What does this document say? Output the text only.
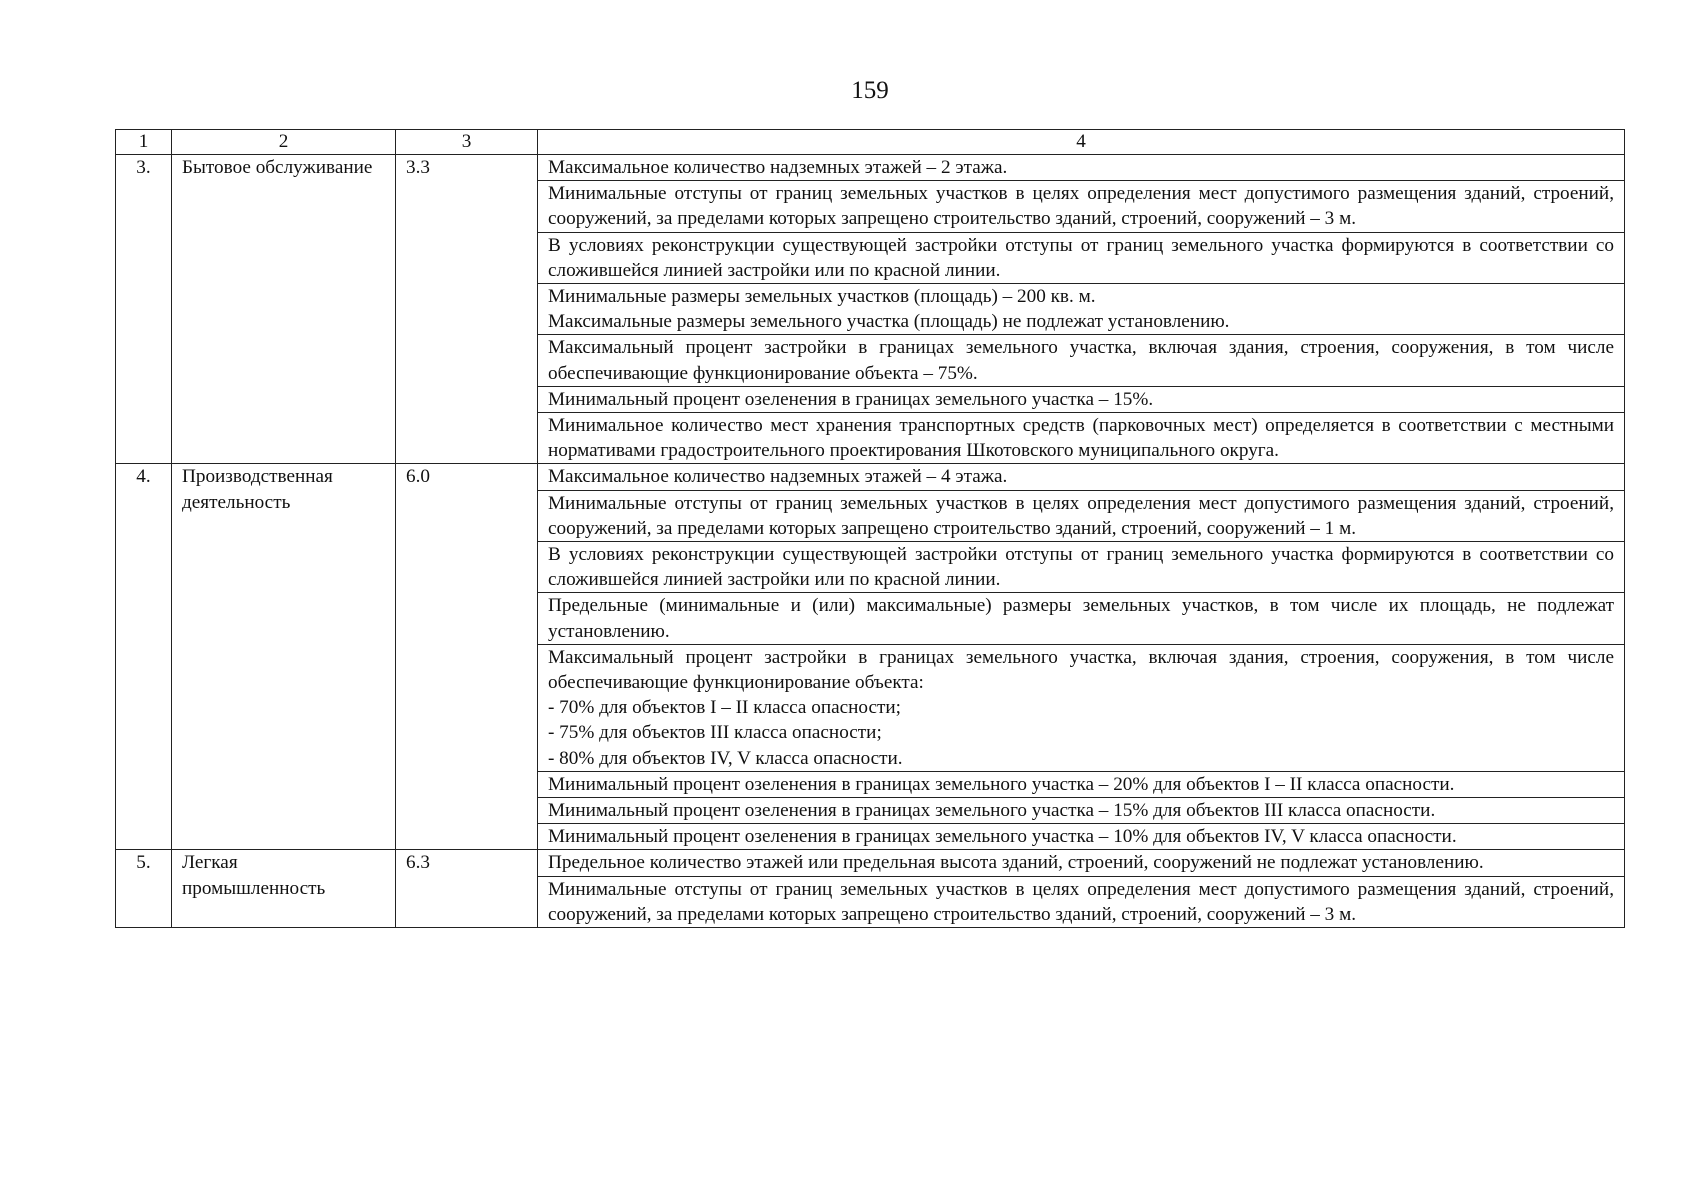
159
1	2	3	4
3.	Бытовое обслуживание	3.3	Максимальное количество надземных этажей – 2 этажа.
			Минимальные отступы от границ земельных участков в целях определения мест допустимого размещения зданий, строений, сооружений, за пределами которых запрещено строительство зданий, строений, сооружений – 3 м.
			В условиях реконструкции существующей застройки отступы от границ земельного участка формируются в соответствии со сложившейся линией застройки или по красной линии.
			Минимальные размеры земельных участков (площадь) – 200 кв. м.
Максимальные размеры земельного участка (площадь) не подлежат установлению.
			Максимальный процент застройки в границах земельного участка, включая здания, строения, сооружения, в том числе обеспечивающие функционирование объекта – 75%.
			Минимальный процент озеленения в границах земельного участка – 15%.
			Минимальное количество мест хранения транспортных средств (парковочных мест) определяется в соответствии с местными нормативами градостроительного проектирования Шкотовского муниципального округа.
4.	Производственная деятельность	6.0	Максимальное количество надземных этажей – 4 этажа.
			Минимальные отступы от границ земельных участков в целях определения мест допустимого размещения зданий, строений, сооружений, за пределами которых запрещено строительство зданий, строений, сооружений – 1 м.
			В условиях реконструкции существующей застройки отступы от границ земельного участка формируются в соответствии со сложившейся линией застройки или по красной линии.
			Предельные (минимальные и (или) максимальные) размеры земельных участков, в том числе их площадь, не подлежат установлению.
			Максимальный процент застройки в границах земельного участка, включая здания, строения, сооружения, в том числе обеспечивающие функционирование объекта:
- 70% для объектов I – II класса опасности;
- 75% для объектов III класса опасности;
- 80% для объектов IV, V класса опасности.
			Минимальный процент озеленения в границах земельного участка – 20% для объектов I – II класса опасности.
			Минимальный процент озеленения в границах земельного участка – 15% для объектов III класса опасности.
			Минимальный процент озеленения в границах земельного участка – 10% для объектов IV, V класса опасности.
5.	Легкая промышленность	6.3	Предельное количество этажей или предельная высота зданий, строений, сооружений не подлежат установлению.
			Минимальные отступы от границ земельных участков в целях определения мест допустимого размещения зданий, строений, сооружений, за пределами которых запрещено строительство зданий, строений, сооружений – 3 м.
